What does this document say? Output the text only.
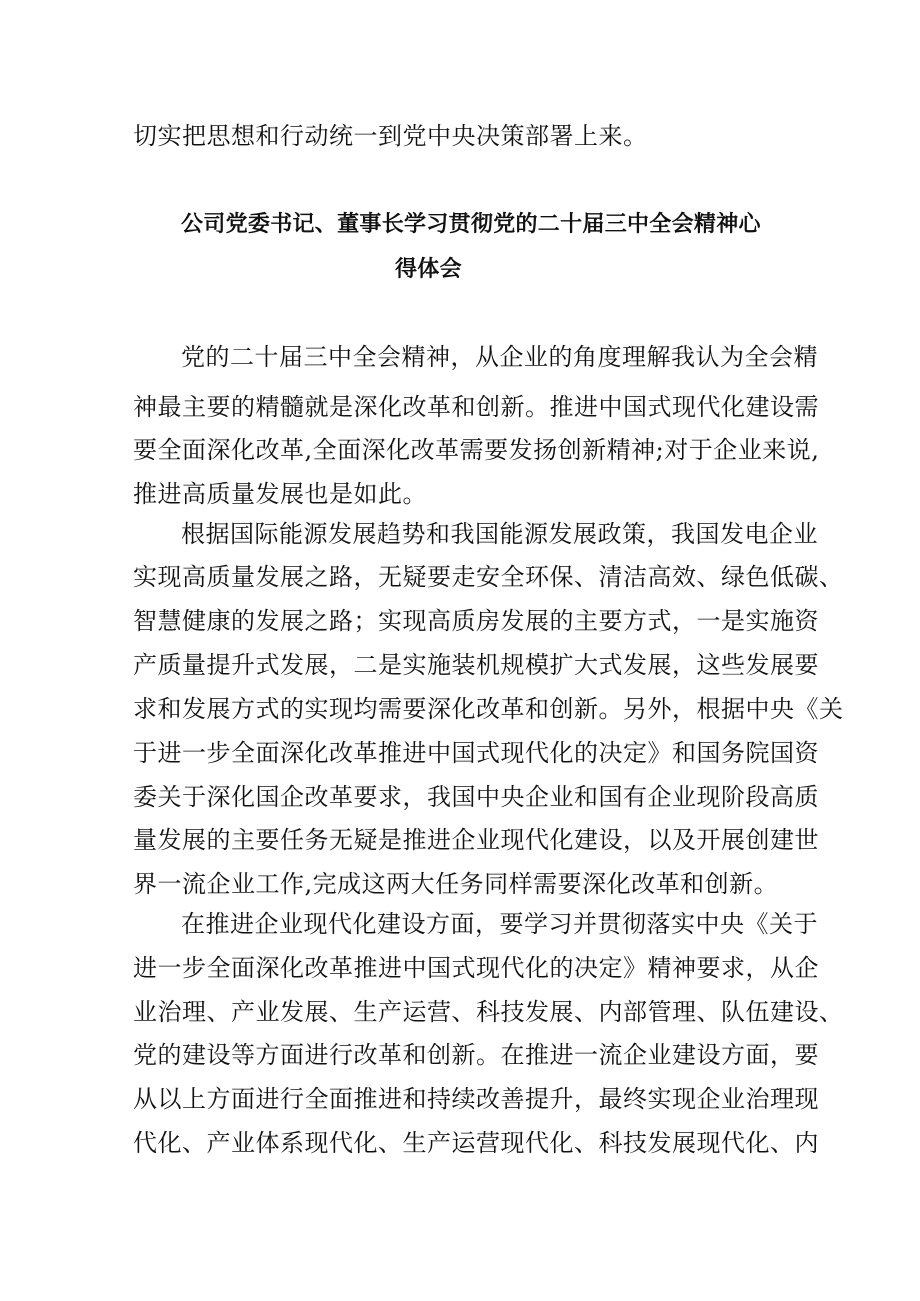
切实把思想和行动统一到党中央决策部署上来。
公司党委书记、董事长学习贯彻党的二十届三中全会精神心
得体会
党的二十届三中全会精神，从企业的角度理解我认为全会精
神最主要的精髓就是深化改革和创新。推进中国式现代化建设需
要全面深化改革,全面深化改革需要发扬创新精神;对于企业来说,
推进高质量发展也是如此。
根据国际能源发展趋势和我国能源发展政策，我国发电企业
实现高质量发展之路，无疑要走安全环保、清洁高效、绿色低碳、
智慧健康的发展之路；实现高质房发展的主要方式，一是实施资
产质量提升式发展，二是实施装机规模扩大式发展，这些发展要
求和发展方式的实现均需要深化改革和创新。另外，根据中央《关
于进一步全面深化改革推进中国式现代化的决定》和国务院国资
委关于深化国企改革要求，我国中央企业和国有企业现阶段高质
量发展的主要任务无疑是推进企业现代化建设，以及开展创建世
界一流企业工作,完成这两大任务同样需要深化改革和创新。
在推进企业现代化建设方面，要学习并贯彻落实中央《关于
进一步全面深化改革推进中国式现代化的决定》精神要求，从企
业治理、产业发展、生产运营、科技发展、内部管理、队伍建设、
党的建设等方面进行改革和创新。在推进一流企业建设方面，要
从以上方面进行全面推进和持续改善提升，最终实现企业治理现
代化、产业体系现代化、生产运营现代化、科技发展现代化、内
